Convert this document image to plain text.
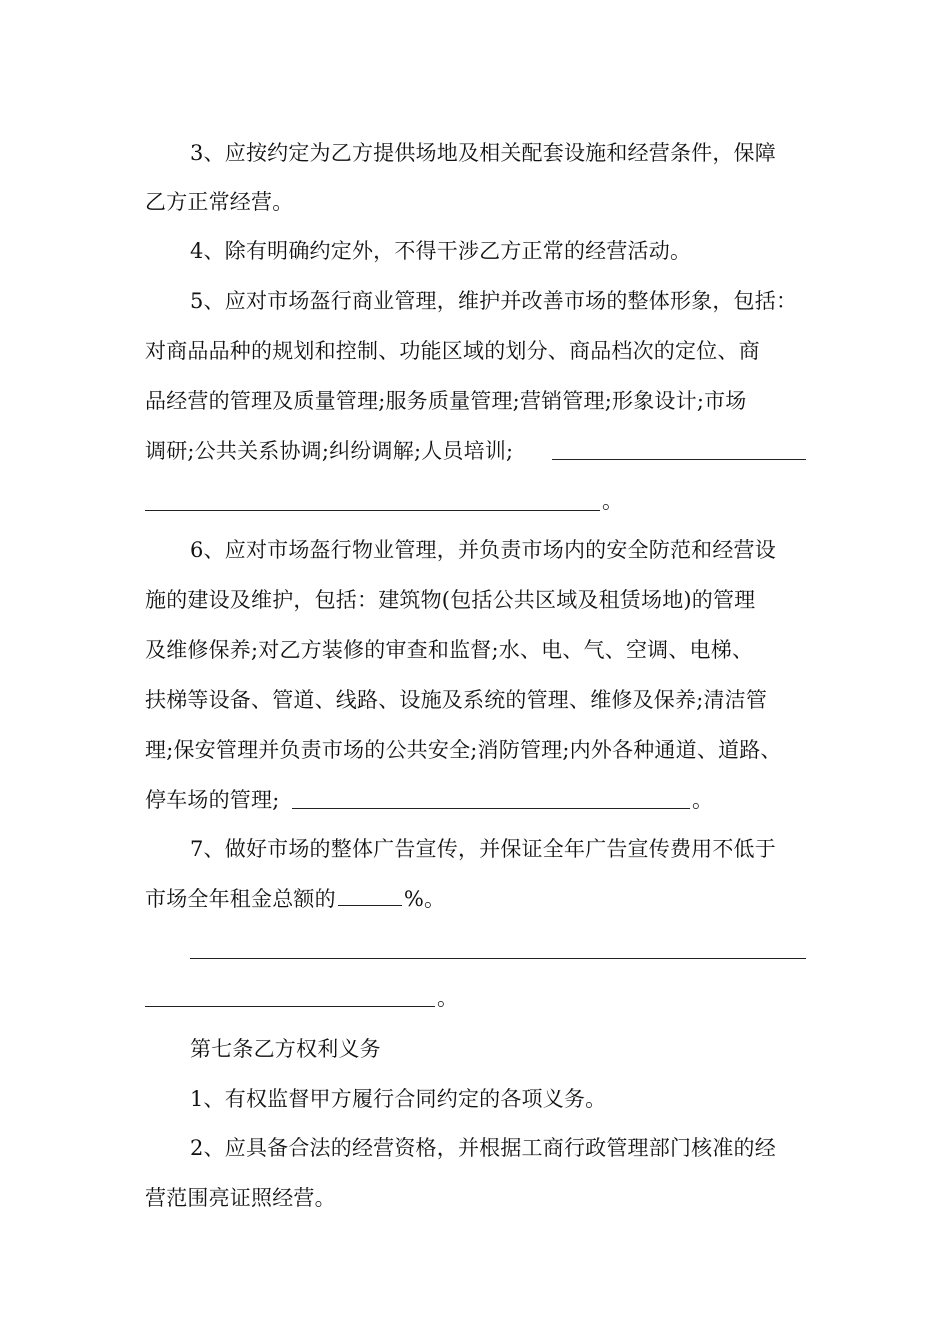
3、应按约定为乙方提供场地及相关配套设施和经营条件，保障
乙方正常经营。
4、除有明确约定外，不得干涉乙方正常的经营活动。
5、应对市场盔行商业管理，维护并改善市场的整体形象，包括：
对商品品种的规划和控制、功能区域的划分、商品档次的定位、商
品经营的管理及质量管理;服务质量管理;营销管理;形象设计;市场
调研;公共关系协调;纠纷调解;人员培训;
。
6、应对市场盔行物业管理，并负责市场内的安全防范和经营设
施的建设及维护，包括：建筑物(包括公共区域及租赁场地)的管理
及维修保养;对乙方装修的审查和监督;水、电、气、空调、电梯、
扶梯等设备、管道、线路、设施及系统的管理、维修及保养;清洁管
理;保安管理并负责市场的公共安全;消防管理;内外各种通道、道路、
停车场的管理;	。
7、做好市场的整体广告宣传，并保证全年广告宣传费用不低于
市场全年租金总额的	%。
。
第七条乙方权利义务
1、有权监督甲方履行合同约定的各项义务。
2、应具备合法的经营资格，并根据工商行政管理部门核准的经
营范围亮证照经营。
